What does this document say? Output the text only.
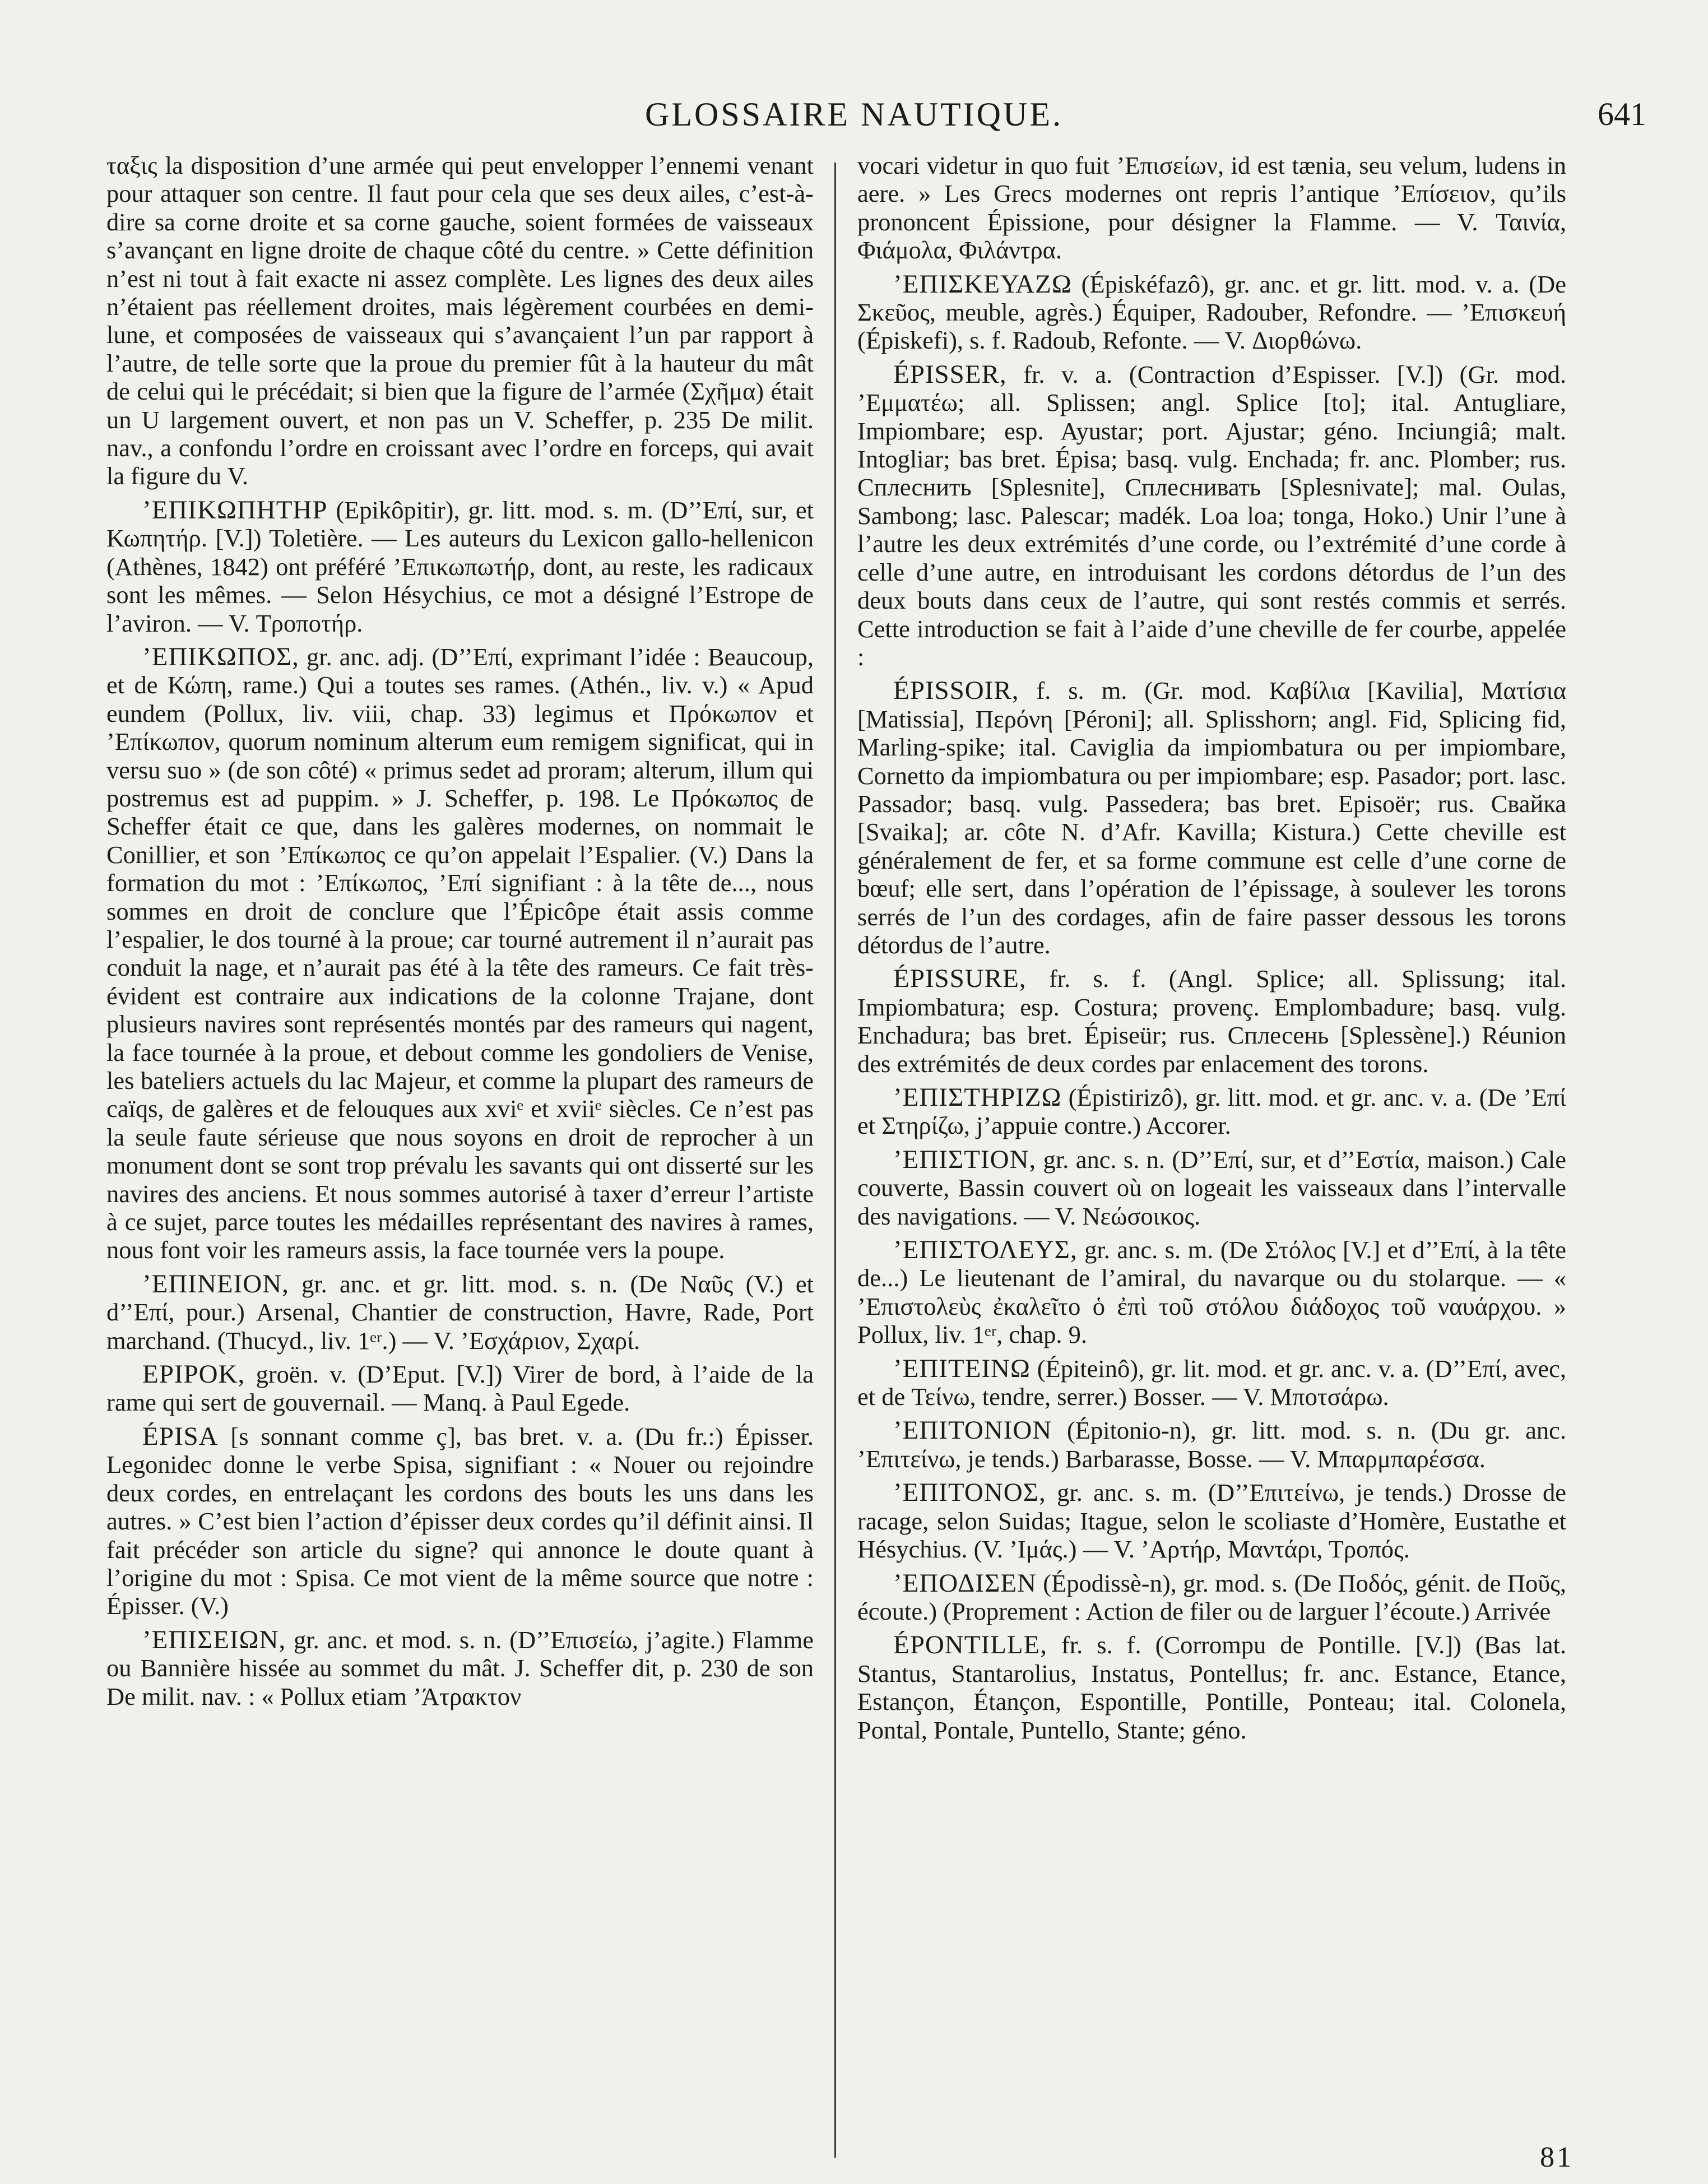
GLOSSAIRE NAUTIQUE.	641

ταξις la disposition d’une armée qui peut envelopper l’ennemi venant pour attaquer son centre. Il faut pour cela que ses deux ailes, c’est-à-dire sa corne droite et sa corne gauche, soient formées de vaisseaux s’avançant en ligne droite de chaque côté du centre. » Cette définition n’est ni tout à fait exacte ni assez complète. Les lignes des deux ailes n’étaient pas réellement droites, mais légèrement courbées en demi-lune, et composées de vaisseaux qui s’avançaient l’un par rapport à l’autre, de telle sorte que la proue du premier fût à la hauteur du mât de celui qui le précédait; si bien que la figure de l’armée (Σχῆμα) était un U largement ouvert, et non pas un V. Scheffer, p. 235 De milit. nav., a confondu l’ordre en croissant avec l’ordre en forceps, qui avait la figure du V.

’ΕΠΙΚΩΠΗΤΗΡ (Epikôpitir), gr. litt. mod. s. m. (D’’Επί, sur, et Κωπητήρ. [V.]) Toletière. — Les auteurs du Lexicon gallo-hellenicon (Athènes, 1842) ont préféré ’Επικωπωτήρ, dont, au reste, les radicaux sont les mêmes. — Selon Hésychius, ce mot a désigné l’Estrope de l’aviron. — V. Τροποτήρ.

’ΕΠΙΚΩΠΟΣ, gr. anc. adj. (D’’Επί, exprimant l’idée : Beaucoup, et de Κώπη, rame.) Qui a toutes ses rames. (Athén., liv. v.) « Apud eundem (Pollux, liv. viii, chap. 33) legimus et Πρόκωπον et ’Επίκωπον, quorum nominum alterum eum remigem significat, qui in versu suo » (de son côté) « primus sedet ad proram; alterum, illum qui postremus est ad puppim. » J. Scheffer, p. 198. Le Πρόκωπος de Scheffer était ce que, dans les galères modernes, on nommait le Conillier, et son ’Επίκωπος ce qu’on appelait l’Espalier. (V.) Dans la formation du mot : ’Επίκωπος, ’Επί signifiant : à la tête de..., nous sommes en droit de conclure que l’Épicôpe était assis comme l’espalier, le dos tourné à la proue; car tourné autrement il n’aurait pas conduit la nage, et n’aurait pas été à la tête des rameurs. Ce fait très-évident est contraire aux indications de la colonne Trajane, dont plusieurs navires sont représentés montés par des rameurs qui nagent, la face tournée à la proue, et debout comme les gondoliers de Venise, les bateliers actuels du lac Majeur, et comme la plupart des rameurs de caïqs, de galères et de felouques aux xviᵉ et xviiᵉ siècles. Ce n’est pas la seule faute sérieuse que nous soyons en droit de reprocher à un monument dont se sont trop prévalu les savants qui ont disserté sur les navires des anciens. Et nous sommes autorisé à taxer d’erreur l’artiste à ce sujet, parce toutes les médailles représentant des navires à rames, nous font voir les rameurs assis, la face tournée vers la poupe.

’ΕΠΙΝΕΙΟΝ, gr. anc. et gr. litt. mod. s. n. (De Ναῦς (V.) et d’’Επί, pour.) Arsenal, Chantier de construction, Havre, Rade, Port marchand. (Thucyd., liv. 1ᵉʳ.) — V. ’Εσχάριον, Σχαρί.

EPIPOK, groën. v. (D’Eput. [V.]) Virer de bord, à l’aide de la rame qui sert de gouvernail. — Manq. à Paul Egede.

ÉPISA [s sonnant comme ç], bas bret. v. a. (Du fr.:) Épisser. Legonidec donne le verbe Spisa, signifiant : « Nouer ou rejoindre deux cordes, en entrelaçant les cordons des bouts les uns dans les autres. » C’est bien l’action d’épisser deux cordes qu’il définit ainsi. Il fait précéder son article du signe? qui annonce le doute quant à l’origine du mot : Spisa. Ce mot vient de la même source que notre : Épisser. (V.)

’ΕΠΙΣΕΙΩΝ, gr. anc. et mod. s. n. (D’’Επισείω, j’agite.) Flamme ou Bannière hissée au sommet du mât. J. Scheffer dit, p. 230 de son De milit. nav. : « Pollux etiam ’Άτρακτον

vocari videtur in quo fuit ’Επισείων, id est tænia, seu velum, ludens in aere. » Les Grecs modernes ont repris l’antique ’Επίσειον, qu’ils prononcent Épissione, pour désigner la Flamme. — V. Ταινία, Φιάμολα, Φιλάντρα.

’ΕΠΙΣΚΕΥΑΖΩ (Épiskéfazô), gr. anc. et gr. litt. mod. v. a. (De Σκεῦος, meuble, agrès.) Équiper, Radouber, Refondre. — ’Επισκευή (Épiskefi), s. f. Radoub, Refonte. — V. Διορθώνω.

ÉPISSER, fr. v. a. (Contraction d’Espisser. [V.]) (Gr. mod. ’Εμματέω; all. Splissen; angl. Splice [to]; ital. Antugliare, Impiombare; esp. Ayustar; port. Ajustar; géno. Inciungiâ; malt. Intogliar; bas bret. Épisa; basq. vulg. Enchada; fr. anc. Plomber; rus. Сплеснить [Splesnite], Сплеснивать [Splesnivate]; mal. Oulas, Sambong; lasc. Palescar; madék. Loa loa; tonga, Hoko.) Unir l’une à l’autre les deux extrémités d’une corde, ou l’extrémité d’une corde à celle d’une autre, en introduisant les cordons détordus de l’un des deux bouts dans ceux de l’autre, qui sont restés commis et serrés. Cette introduction se fait à l’aide d’une cheville de fer courbe, appelée :

ÉPISSOIR, f. s. m. (Gr. mod. Καβίλια [Kavilia], Ματίσια [Matissia], Περόνη [Péroni]; all. Splisshorn; angl. Fid, Splicing fid, Marling-spike; ital. Caviglia da impiombatura ou per impiombare, Cornetto da impiombatura ou per impiombare; esp. Pasador; port. lasc. Passador; basq. vulg. Passedera; bas bret. Episoër; rus. Свайка [Svaika]; ar. côte N. d’Afr. Kavilla; Kistura.) Cette cheville est généralement de fer, et sa forme commune est celle d’une corne de bœuf; elle sert, dans l’opération de l’épissage, à soulever les torons serrés de l’un des cordages, afin de faire passer dessous les torons détordus de l’autre.

ÉPISSURE, fr. s. f. (Angl. Splice; all. Splissung; ital. Impiombatura; esp. Costura; provenç. Emplombadure; basq. vulg. Enchadura; bas bret. Épiseür; rus. Сплесень [Splessène].) Réunion des extrémités de deux cordes par enlacement des torons.

’ΕΠΙΣΤΗΡΙΖΩ (Épistirizô), gr. litt. mod. et gr. anc. v. a. (De ’Επί et Στηρίζω, j’appuie contre.) Accorer.

’ΕΠΙΣΤΙΟΝ, gr. anc. s. n. (D’’Επί, sur, et d’’Εστία, maison.) Cale couverte, Bassin couvert où on logeait les vaisseaux dans l’intervalle des navigations. — V. Νεώσοικος.

’ΕΠΙΣΤΟΛΕΥΣ, gr. anc. s. m. (De Στόλος [V.] et d’’Επί, à la tête de...) Le lieutenant de l’amiral, du navarque ou du stolarque. — « ’Επιστολεὺς ἐκαλεῖτο ὁ ἐπὶ τοῦ στόλου διάδοχος τοῦ ναυάρχου. » Pollux, liv. 1ᵉʳ, chap. 9.

’ΕΠΙΤΕΙΝΩ (Épiteinô), gr. lit. mod. et gr. anc. v. a. (D’’Επί, avec, et de Τείνω, tendre, serrer.) Bosser. — V. Μποτσάρω.

’ΕΠΙΤΟΝΙΟΝ (Épitonio-n), gr. litt. mod. s. n. (Du gr. anc. ’Επιτείνω, je tends.) Barbarasse, Bosse. — V. Μπαρμπαρέσσα.

’ΕΠΙΤΟΝΟΣ, gr. anc. s. m. (D’’Επιτείνω, je tends.) Drosse de racage, selon Suidas; Itague, selon le scoliaste d’Homère, Eustathe et Hésychius. (V. ’Ιμάς.) — V. ’Αρτήρ, Μαντάρι, Τροπός.

’ΕΠΟΔΙΣΕΝ (Épodissè-n), gr. mod. s. (De Ποδός, génit. de Ποῦς, écoute.) (Proprement : Action de filer ou de larguer l’écoute.) Arrivée

ÉPONTILLE, fr. s. f. (Corrompu de Pontille. [V.]) (Bas lat. Stantus, Stantarolius, Instatus, Pontellus; fr. anc. Estance, Etance, Estançon, Étançon, Espontille, Pontille, Ponteau; ital. Colonela, Pontal, Pontale, Puntello, Stante; géno.

81
